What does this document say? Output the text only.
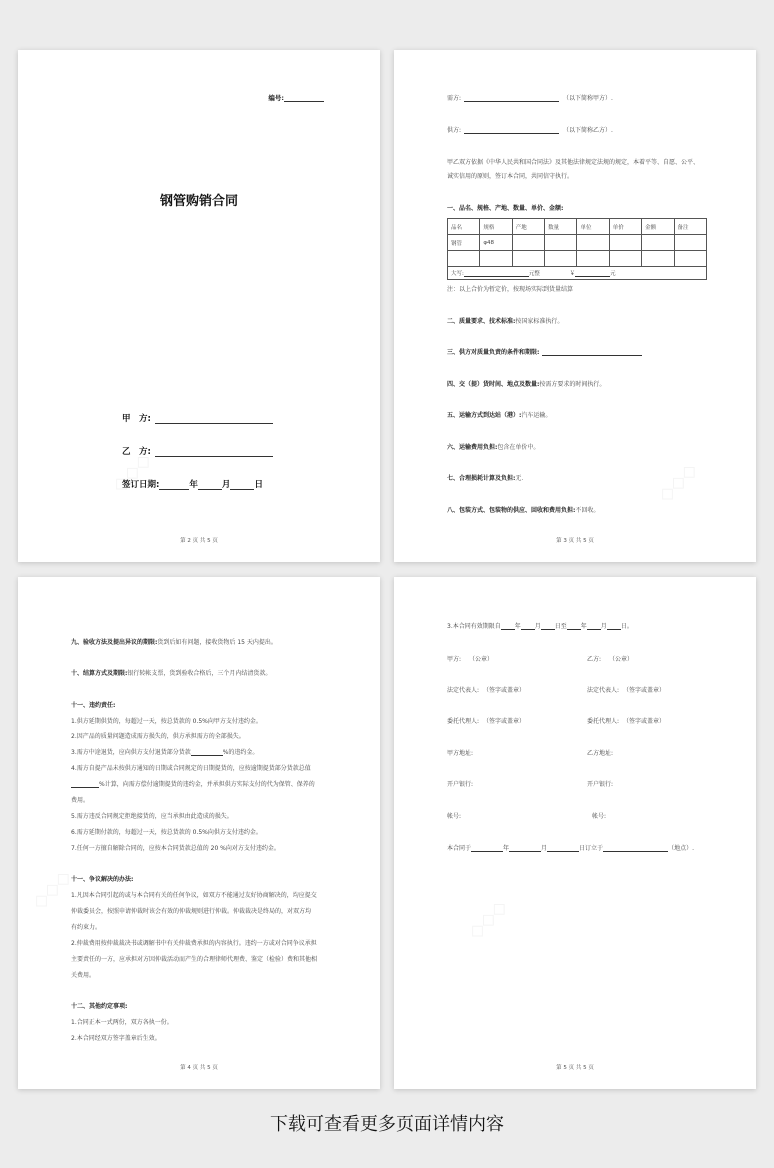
编号:
钢管购销合同
甲　方:
乙　方:
签订日期:	年	月	日
第 2 页 共 5 页
需方:	（以下简称甲方）.
供方:	（以下简称乙方）.
甲乙双方依据《中华人民共和国合同法》及其他法律规定法规的规定，本着平等、自愿、公平、
诚实信用的原则，签订本合同，共同信守执行。
一、品名、规格、产地、数量、单价、金额:
品名	规格	产地	数量	单位	单价	金额	备注
钢管	φ48						

大写: 元整 ￥ 元							
注：以上合价为暂定价，按现场实际到货量结算
二、质量要求、技术标准:按国家标准执行。
三、供方对质量负责的条件和期限:
四、交（提）货时间、地点及数量:按需方要求的时间执行。
五、运输方式到达站（港）:汽车运输。
六、运输费用负担:包含在单价中。
七、合理损耗计算及负担:无．
八、包装方式、包装物的供应、回收和费用负担:不回收。
第 3 页 共 5 页
九、验收方法及提出异议的期限:货到后如有问题，接收货物后 15 天内提出。
十、结算方式及期限:银行转帐支票，货到验收合格后，三个月内结清货款。
十一、违约责任:
1.供方延期供货的，每超过一天，按总货款的 0.5%向甲方支付违约金。
2.因产品的质量问题造成需方损失的，供方承担需方的全部损失。
3.需方中途退货，应向供方支付退货部分货款	%的违约金。
4.需方自提产品未按供方通知的日期或合同规定的日期提货的，应按逾期提货部分货款总值
%计算，向需方偿付逾期提货的违约金，并承担供方实际支付的代为保管、保养的
费用。
5.需方违反合同规定拒绝接货的，应当承担由此造成的损失。
6.需方延期付款的，每超过一天，按总货款的 0.5%向供方支付违约金。
7.任何一方擅自解除合同的，应按本合同货款总值的 20 %向对方支付违约金。
十一、争议解决的办法:
1.凡因本合同引起的或与本合同有关的任何争议，如双方不能通过友好协商解决的，均应提交
仲裁委员会，按照申请仲裁时该会有效的仲裁规则进行仲裁。仲裁裁决是终局的，对双方均
有约束力。
2.仲裁费用按仲裁裁决书或调解书中有关仲裁费承担的内容执行。违约一方或对合同争议承担
主要责任的一方，应承担对方因仲裁活动而产生的合理律师代理费、鉴定（检验）费和其他相
关费用。
十二、其他约定事项:
1.合同正本一式两份，双方各执一份。
2.本合同经双方签字盖章后生效。
第 4 页 共 5 页
3.本合同有效期限自 年 月 日至 年 月 日。
甲方: （公章）	乙方: （公章）
法定代表人: （签字或盖章）	法定代表人: （签字或盖章）
委托代理人: （签字或盖章）	委托代理人: （签字或盖章）
甲方地址:	乙方地址:
开户银行:	开户银行:
帐号:	帐号:
本合同于	年	月	日订立于	（地点）.
第 5 页 共 5 页
下载可查看更多页面详情内容
